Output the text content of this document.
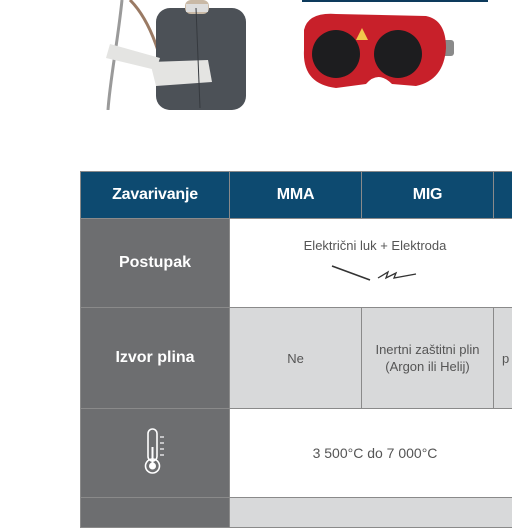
Zavarivanje	MMA	MIG	
Postupak	Električni luk + Elektroda		

Izvor plina	Ne	Inertni zaštitni plin (Argon ili Helij)	p
	3 500°C do 7 000°C		
